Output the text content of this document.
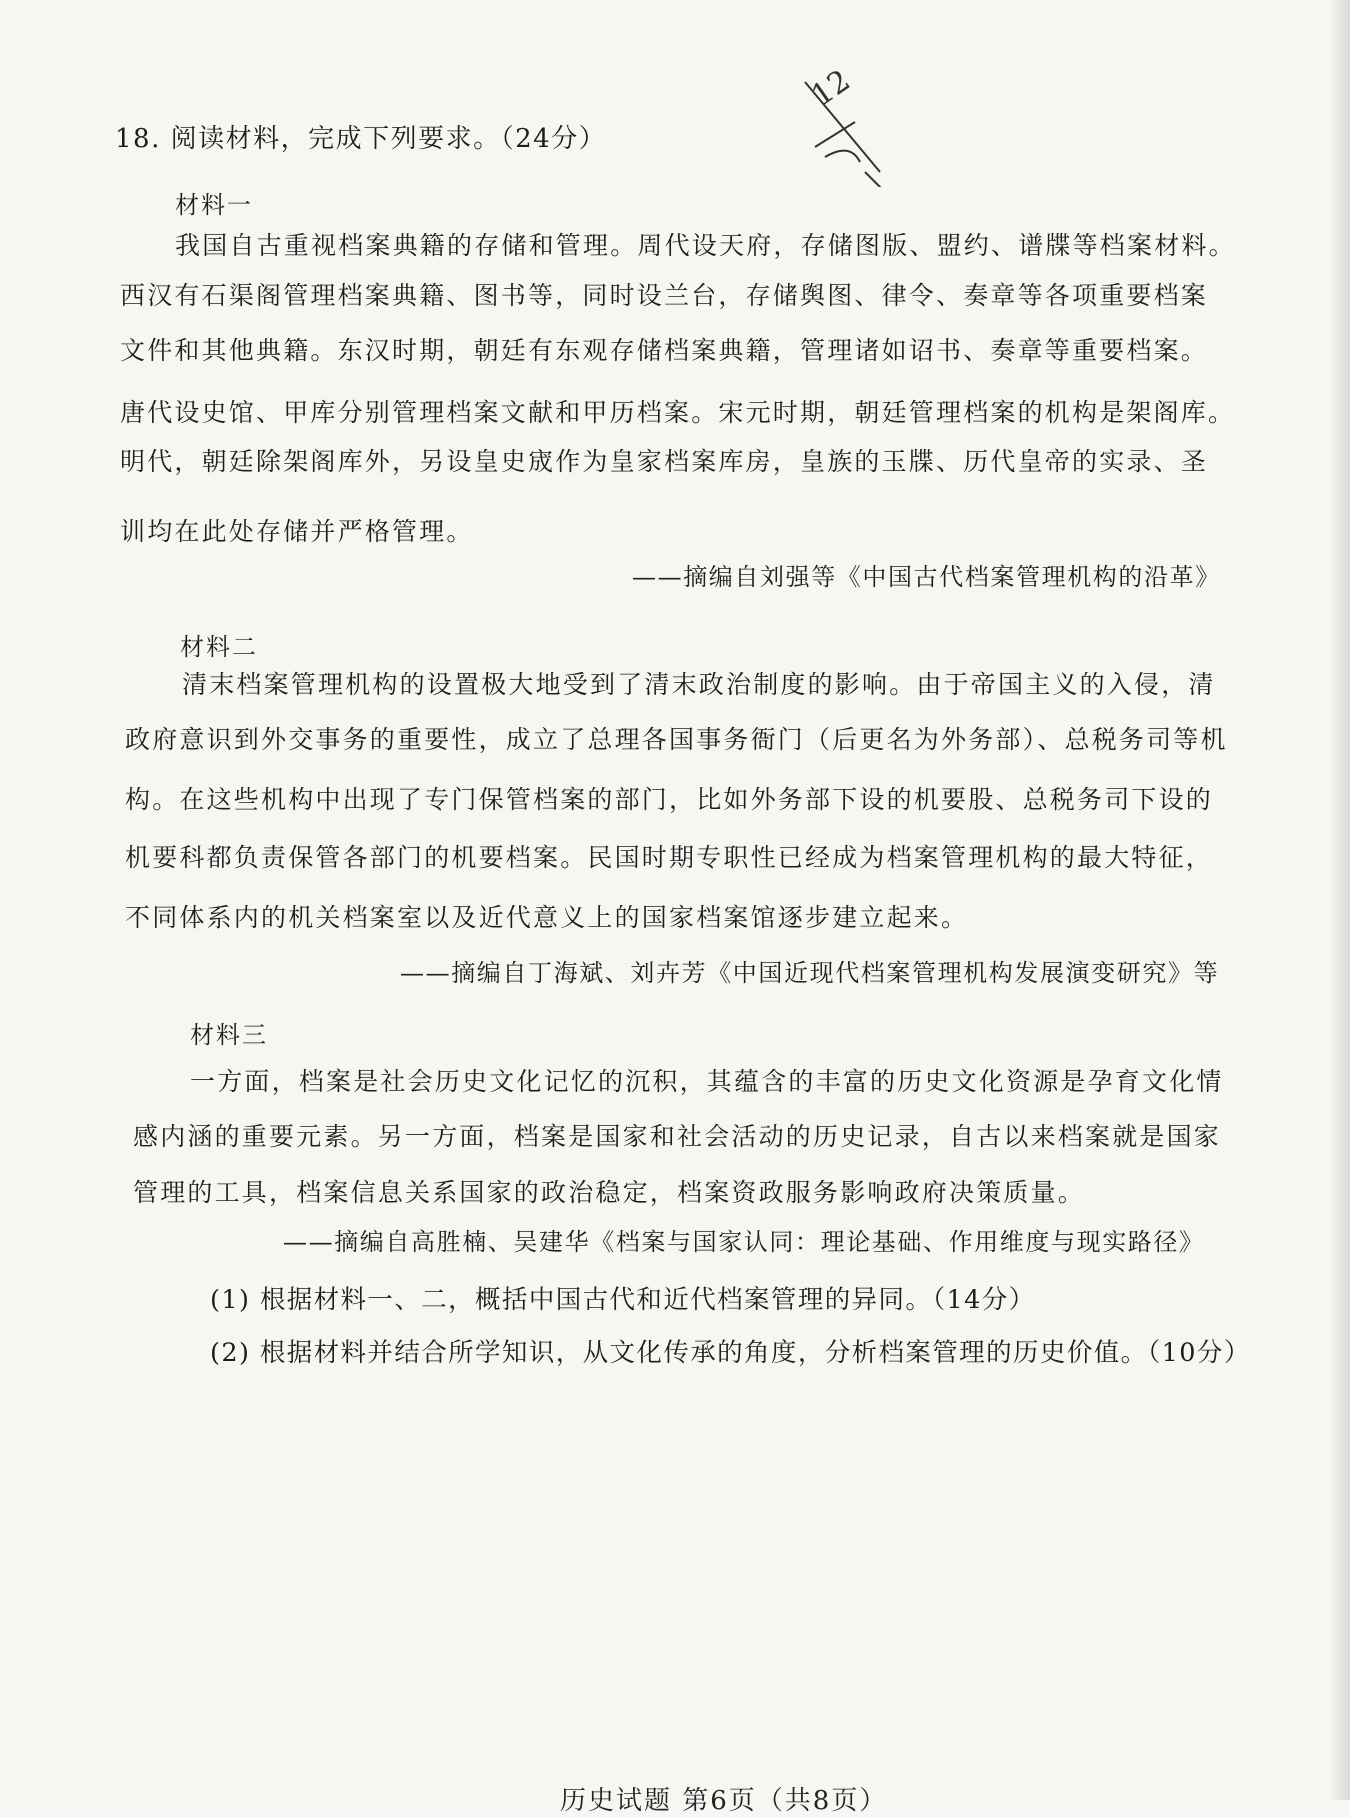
12
18. 阅读材料，完成下列要求。（24分）
材料一
我国自古重视档案典籍的存储和管理。周代设天府，存储图版、盟约、谱牒等档案材料。
西汉有石渠阁管理档案典籍、图书等，同时设兰台，存储舆图、律令、奏章等各项重要档案
文件和其他典籍。东汉时期，朝廷有东观存储档案典籍，管理诸如诏书、奏章等重要档案。
唐代设史馆、甲库分别管理档案文献和甲历档案。宋元时期，朝廷管理档案的机构是架阁库。
明代，朝廷除架阁库外，另设皇史宬作为皇家档案库房，皇族的玉牒、历代皇帝的实录、圣
训均在此处存储并严格管理。
——摘编自刘强等《中国古代档案管理机构的沿革》
材料二
清末档案管理机构的设置极大地受到了清末政治制度的影响。由于帝国主义的入侵，清
政府意识到外交事务的重要性，成立了总理各国事务衙门（后更名为外务部）、总税务司等机
构。在这些机构中出现了专门保管档案的部门，比如外务部下设的机要股、总税务司下设的
机要科都负责保管各部门的机要档案。民国时期专职性已经成为档案管理机构的最大特征，
不同体系内的机关档案室以及近代意义上的国家档案馆逐步建立起来。
——摘编自丁海斌、刘卉芳《中国近现代档案管理机构发展演变研究》等
材料三
一方面，档案是社会历史文化记忆的沉积，其蕴含的丰富的历史文化资源是孕育文化情
感内涵的重要元素。另一方面，档案是国家和社会活动的历史记录，自古以来档案就是国家
管理的工具，档案信息关系国家的政治稳定，档案资政服务影响政府决策质量。
——摘编自高胜楠、吴建华《档案与国家认同：理论基础、作用维度与现实路径》
(1) 根据材料一、二，概括中国古代和近代档案管理的异同。（14分）
(2) 根据材料并结合所学知识，从文化传承的角度，分析档案管理的历史价值。（10分）
历史试题 第6页（共8页）
